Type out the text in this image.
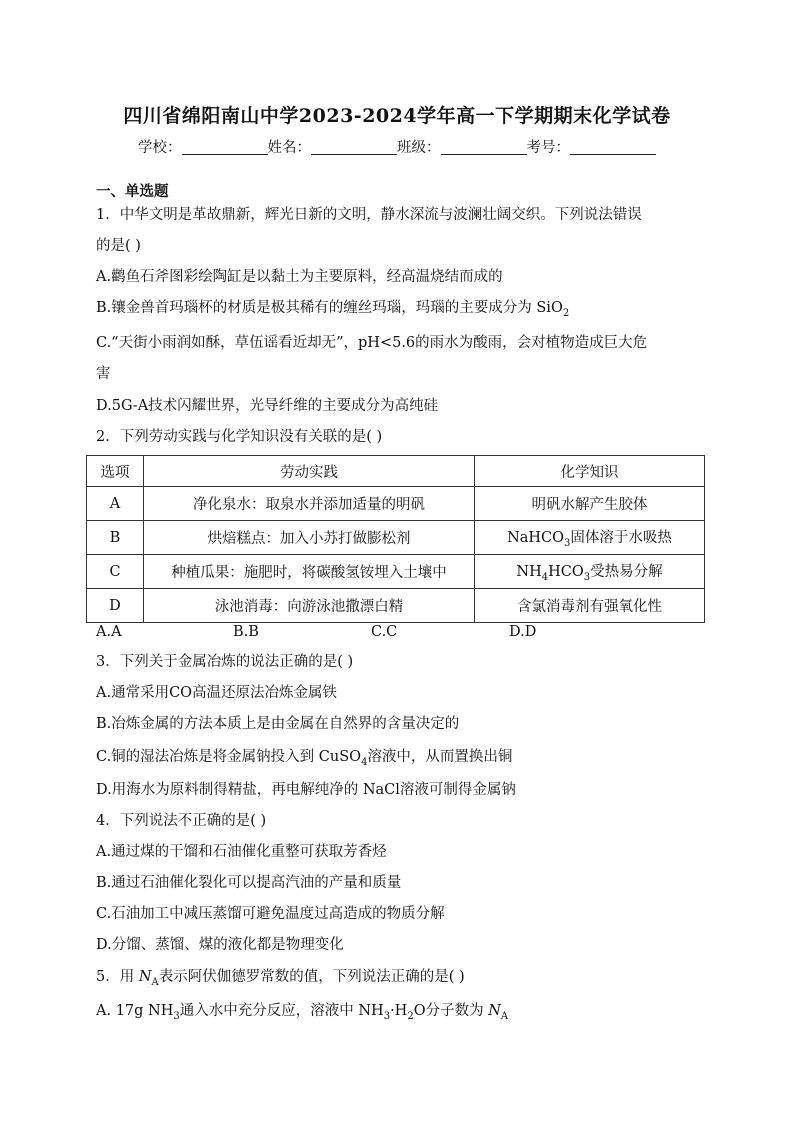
四川省绵阳南山中学2023-2024学年高一下学期期末化学试卷
学校：	姓名：	班级：	考号：
一、单选题
1．中华文明是革故鼎新，辉光日新的文明，静水深流与波澜壮阔交织。下列说法错误
的是( )
A.鹳鱼石斧图彩绘陶缸是以黏土为主要原料，经高温烧结而成的
B.镶金兽首玛瑙杯的材质是极其稀有的缠丝玛瑙，玛瑙的主要成分为 SiO$_2$
C.“天街小雨润如酥，草伍谣看近却无”，pH<5.6的雨水为酸雨，会对植物造成巨大危
害
D.5G-A技术闪耀世界，光导纤维的主要成分为高纯硅
2．下列劳动实践与化学知识没有关联的是( )
选项	劳动实践	化学知识
A	净化泉水：取泉水并添加适量的明矾	明矾水解产生胶体
B	烘焙糕点：加入小苏打做膨松剂	NaHCO$_3$固体溶于水吸热
C	种植瓜果：施肥时，将碳酸氢铵埋入土壤中	$NH_4HCO_3$受热易分解
D	泳池消毒：向游泳池撒漂白精	含氯消毒剂有强氧化性
A.A	B.B	C.C	D.D
3．下列关于金属冶炼的说法正确的是( )
A.通常采用CO高温还原法冶炼金属铁
B.冶炼金属的方法本质上是由金属在自然界的含量决定的
C.铜的湿法冶炼是将金属钠投入到 CuSO$_4$溶液中，从而置换出铜
D.用海水为原料制得精盐，再电解纯净的 NaCl溶液可制得金属钠
4．下列说法不正确的是( )
A.通过煤的干馏和石油催化重整可获取芳香烃
B.通过石油催化裂化可以提高汽油的产量和质量
C.石油加工中减压蒸馏可避免温度过高造成的物质分解
D.分馏、蒸馏、煤的液化都是物理变化
5．用 $N_A$表示阿伏伽德罗常数的值，下列说法正确的是( )
A. 17g $NH_3$通入水中充分反应，溶液中 $NH_3\cdot H_2O$分子数为 $N_A$
